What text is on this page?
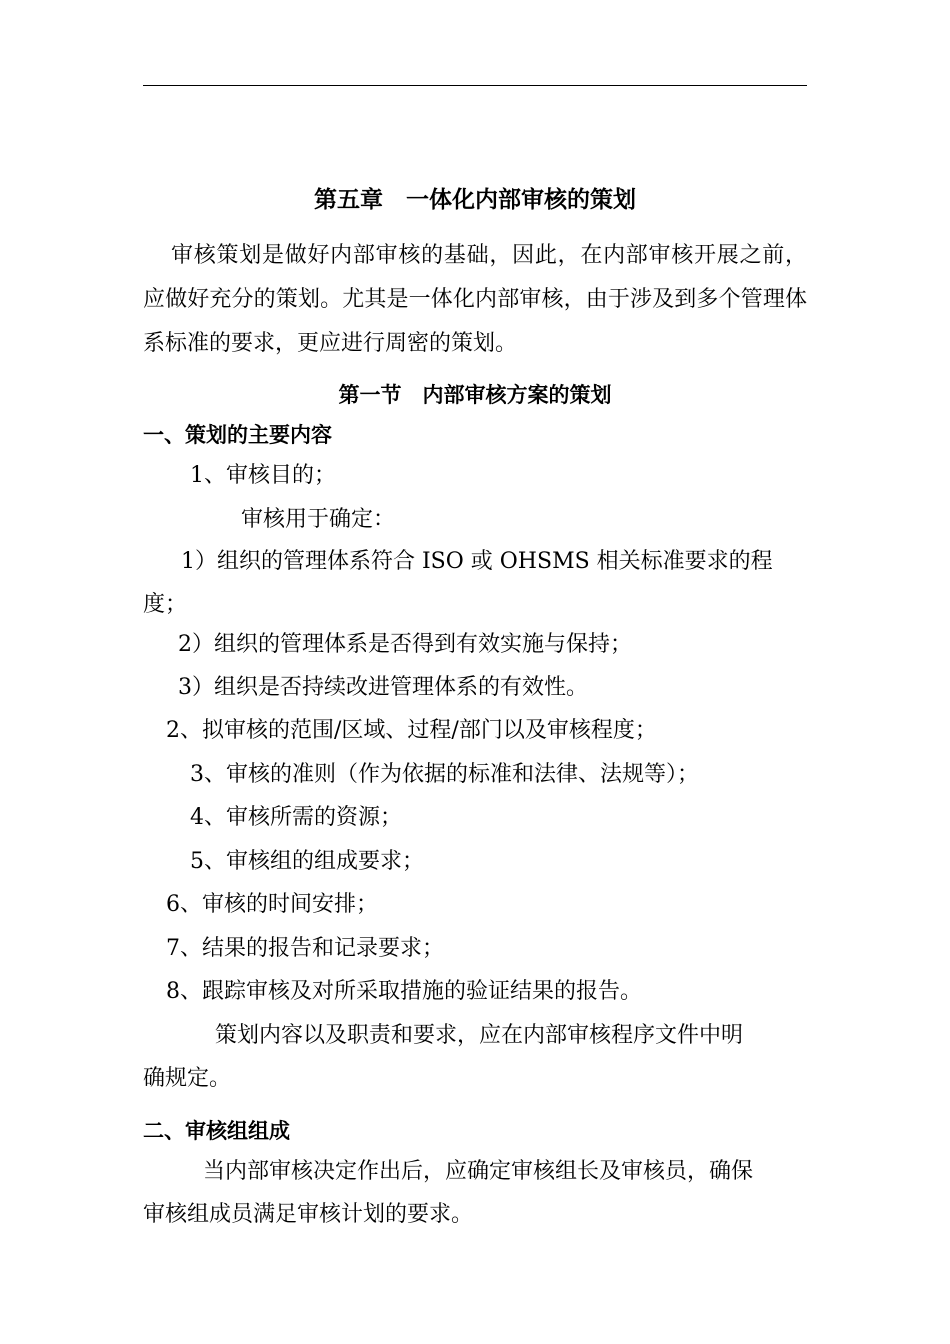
第五章　一体化内部审核的策划
审核策划是做好内部审核的基础，因此，在内部审核开展之前，应做好充分的策划。尤其是一体化内部审核，由于涉及到多个管理体系标准的要求，更应进行周密的策划。
第一节　内部审核方案的策划
一、策划的主要内容
1、审核目的；
审核用于确定：
1）组织的管理体系符合 ISO 或 OHSMS 相关标准要求的程
度；
2）组织的管理体系是否得到有效实施与保持；
3）组织是否持续改进管理体系的有效性。
2、拟审核的范围/区域、过程/部门以及审核程度；
3、审核的准则（作为依据的标准和法律、法规等）；
4、审核所需的资源；
5、审核组的组成要求；
6、审核的时间安排；
7、结果的报告和记录要求；
8、跟踪审核及对所采取措施的验证结果的报告。
策划内容以及职责和要求，应在内部审核程序文件中明
确规定。
二、审核组组成
当内部审核决定作出后，应确定审核组长及审核员，确保
审核组成员满足审核计划的要求。
